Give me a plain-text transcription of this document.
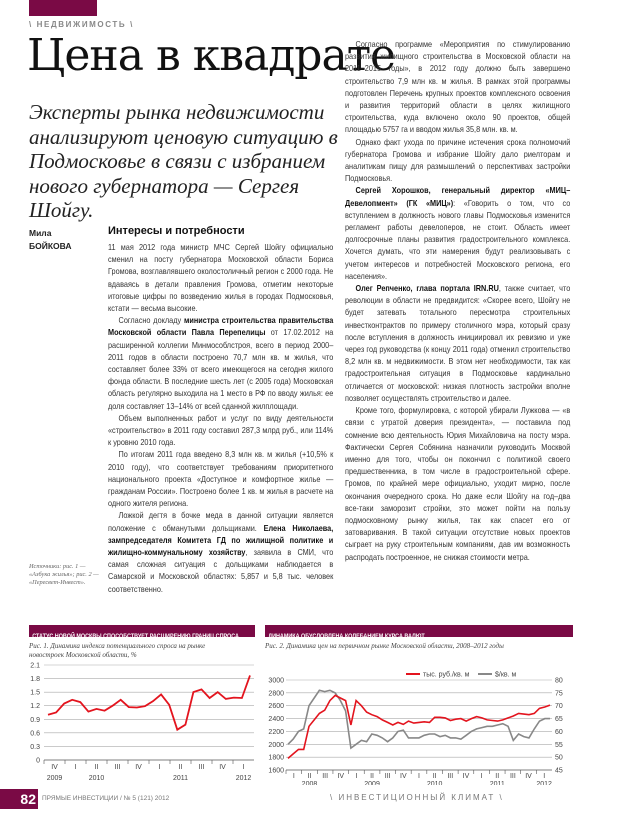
\ НЕДВИЖИМОСТЬ \
Цена в квадрате
Эксперты рынка недвижимости анализируют ценовую ситуацию в Подмосковье в связи с избранием нового губернатора — Сергея Шойгу.
Мила
БОЙКОВА
Интересы и потребности

11 мая 2012 года министр МЧС Сергей Шойгу официально сменил на посту губернатора Московской области Бориса Громова, возглавлявшего околостоличный регион с 2000 года. Не вдаваясь в детали правления Громова, отметим некоторые итоговые цифры по возведению жилья в городах Подмосковья, кстати — весьма высокие.

Согласно докладу министра строительства правительства Московской области Павла Перепелицы от 17.02.2012 на расширенной коллегии Минмособлстроя, всего в период 2000–2011 годов в области построено 70,7 млн кв. м жилья, что составляет более 33% от всего имеющегося на сегодня жилого фонда области. В последние шесть лет (с 2005 года) Московская область регулярно выходила на 1 место в РФ по вводу жилья: ее доля составляет 13–14% от всей сданной жилплощади.

Объем выполненных работ и услуг по виду деятельности «строительство» в 2011 году составил 287,3 млрд руб., или 114% к уровню 2010 года.

По итогам 2011 года введено 8,3 млн кв. м жилья (+10,5% к 2010 году), что соответствует требованиям приоритетного национального проекта «Доступное и комфортное жилье — гражданам России». Построено более 1 кв. м жилья в расчете на одного жителя региона.

Ложкой дегтя в бочке меда в данной ситуации является положение с обманутыми дольщиками. Елена Николаева, зампредседателя Комитета ГД по жилищной политике и жилищно-коммунальному хозяйству, заявила в СМИ, что самая сложная ситуация с дольщиками наблюдается в Самарской и Московской областях: 5,857 и 5,8 тыс. человек соответственно.

Источники: рис. 1 — «Азбука жилья»; рис. 2 — «Пересвет-Инвест».

Согласно программе «Мероприятия по стимулированию развития жилищного строительства в Московской области на 2011–2015 годы», в 2012 году должно быть завершено строительство 7,9 млн кв. м жилья. В рамках этой программы подготовлен Перечень крупных проектов комплексного освоения и развития территорий области в целях жилищного строительства, куда включено около 90 проектов, общей площадью 5757 га и вводом жилья 35,8 млн. кв. м.

Однако факт ухода по причине истечения срока полномочий губернатора Громова и избрание Шойгу дало риелторам и аналитикам пищу для размышлений о перспективах застройки Подмосковья.

Сергей Хорошков, генеральный директор «МИЦ–Девелопмент» (ГК «МИЦ»): «Говорить о том, что со вступлением в должность нового главы Подмосковья изменится регламент работы девелоперов, не стоит. Область имеет долгосрочные планы развития градостроительного комплекса. Хочется думать, что эти намерения будут реализовывать с учетом интересов и потребностей Московского региона, его населения».

Олег Репченко, глава портала IRN.RU, также считает, что революции в области не предвидится: «Скорее всего, Шойгу не будет затевать тотального пересмотра строительных инвестконтрактов по примеру столичного мэра, который сразу после вступления в должность инициировал их ревизию и уже через год руководства (к концу 2011 года) отменил строительство 8,2 млн кв. м недвижимости. В этом нет необходимости, так как градостроительная ситуация в Подмосковье кардинально отличается от московской: низкая плотность застройки вполне позволяет осуществлять строительство и далее.

Кроме того, формулировка, с которой убирали Лужкова — «в связи с утратой доверия президента», — поставила под сомнение всю деятельность Юрия Михайловича на посту мэра. Фактически Сергея Собянина назначили руководить Москвой именно для того, чтобы он покончил с политикой своего предшественника, в том числе в градостроительной сфере. Громов, по крайней мере официально, уходит мирно, после окончания очередного срока. Но даже если Шойгу на год–два все-таки заморозит стройки, это может пойти на пользу подмосковному рынку жилья, так как спасет его от затоваривания. В такой ситуации отсутствие новых проектов сыграет на руку строительным компаниям, дав им возможность распродать построенное, не снижая стоимости метра.

СТАТУС НОВОЙ МОСКВЫ СПОСОБСТВУЕТ РАСШИРЕНИЮ ГРАНИЦ СПРОСА
Рис. 1. Динамика индекса потенциального спроса на рынке новостроек Московской области, %
0
0.3
0.6
0.9
1.2
1.5
1.8
2.1
IV I	II III IV I	II III IV I
2009	2010	2011	2012
ДИНАМИКА ОБУСЛОВЛЕНА КОЛЕБАНИЕМ КУРСА ВАЛЮТ
Рис. 2. Динамика цен на первичном рынке Московской области, 2008–2012 годы
1600
1800
2000
2200
2400
2600
2800
3000
45
50
55
60
65
70
75
80
I II III IV I II III IV I II III IV I II III IV I
2008	2009	2010	2011	2012
тыс. руб./кв. м	$/кв. м
82 ПРЯМЫЕ ИНВЕСТИЦИИ / № 5 (121) 2012	\ ИНВЕСТИЦИОННЫЙ КЛИМАТ \
